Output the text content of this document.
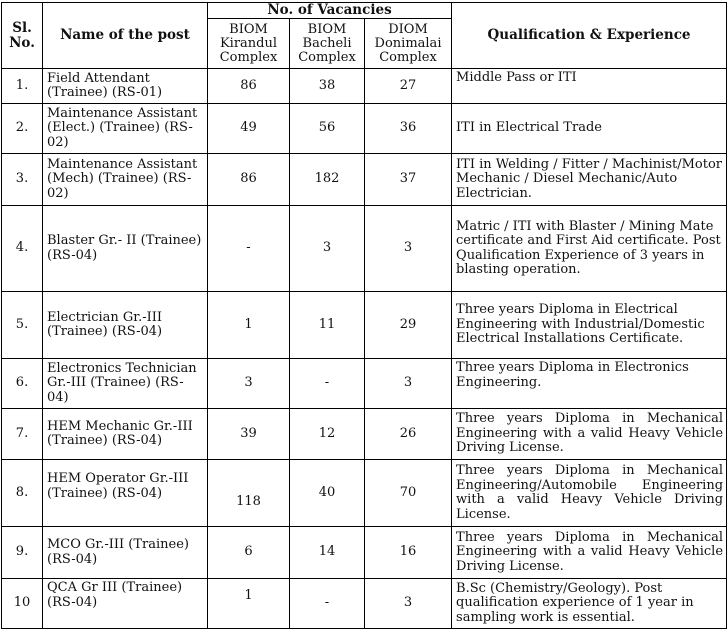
Sl. No.	Name of the post	No. of Vacancies			Qualification & Experience
		BIOM Kirandul Complex	BIOM Bacheli Complex	DIOM Donimalai Complex	
1.	Field Attendant (Trainee) (RS-01)	86	38	27	Middle Pass or ITI
2.	Maintenance Assistant (Elect.) (Trainee) (RS-02)	49	56	36	ITI in Electrical Trade
3.	Maintenance Assistant (Mech) (Trainee) (RS-02)	86	182	37	ITI in Welding / Fitter / Machinist/Motor Mechanic / Diesel Mechanic/Auto Electrician.
4.	Blaster Gr.- II (Trainee) (RS-04)	-	3	3	Matric / ITI with Blaster / Mining Mate certificate and First Aid certificate. Post Qualification Experience of 3 years in blasting operation.
5.	Electrician Gr.-III (Trainee) (RS-04)	1	11	29	Three years Diploma in Electrical Engineering with Industrial/Domestic Electrical Installations Certificate.
6.	Electronics Technician Gr.-III (Trainee) (RS-04)	3	-	3	Three years Diploma in Electronics Engineering.
7.	HEM Mechanic Gr.-III (Trainee) (RS-04)	39	12	26	Three years Diploma in Mechanical Engineering with a valid Heavy Vehicle Driving License.
8.	HEM Operator Gr.-III (Trainee) (RS-04)	118	40	70	Three years Diploma in Mechanical Engineering/Automobile Engineering with a valid Heavy Vehicle Driving License.
9.	MCO Gr.-III (Trainee) (RS-04)	6	14	16	Three years Diploma in Mechanical Engineering with a valid Heavy Vehicle Driving License.
10	QCA Gr III (Trainee) (RS-04)	1	-	3	B.Sc (Chemistry/Geology). Post qualification experience of 1 year in sampling work is essential.
